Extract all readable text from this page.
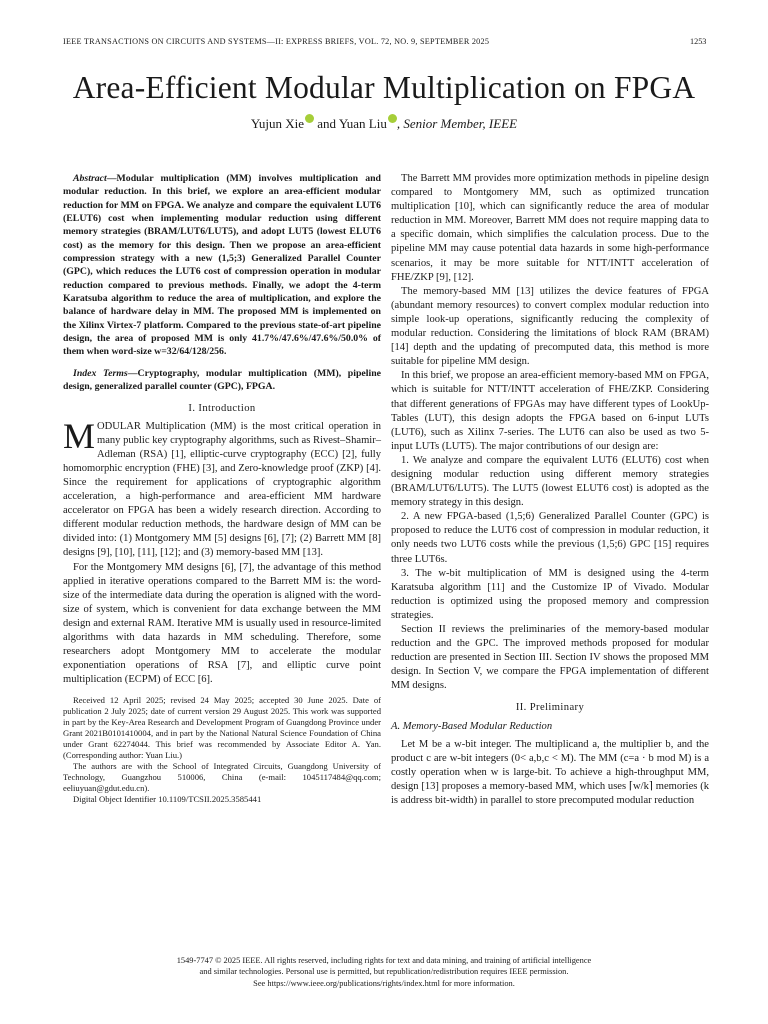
IEEE TRANSACTIONS ON CIRCUITS AND SYSTEMS—II: EXPRESS BRIEFS, VOL. 72, NO. 9, SEPTEMBER 2025	1253
Area-Efficient Modular Multiplication on FPGA
Yujun Xie and Yuan Liu , Senior Member, IEEE

Abstract—Modular multiplication (MM) involves multiplication and modular reduction. In this brief, we explore an area-efficient modular reduction for MM on FPGA. We analyze and compare the equivalent LUT6 (ELUT6) cost when implementing modular reduction using different memory strategies (BRAM/LUT6/LUT5), and adopt LUT5 (lowest ELUT6 cost) as the memory for this design. Then we propose an area-efficient compression strategy with a new (1,5;3) Generalized Parallel Counter (GPC), which reduces the LUT6 cost of compression operation in modular reduction compared to previous methods. Finally, we adopt the 4-term Karatsuba algorithm to reduce the area of multiplication, and explore the balance of hardware delay in MM. The proposed MM is implemented on the Xilinx Virtex-7 platform. Compared to the previous state-of-art pipeline design, the area of proposed MM is only 41.7%/47.6%/47.6%/50.0% of them when word-size w=32/64/128/256.

Index Terms—Cryptography, modular multiplication (MM), pipeline design, generalized parallel counter (GPC), FPGA.

I. Introduction

MODULAR Multiplication (MM) is the most critical operation in many public key cryptography algorithms, such as Rivest–Shamir–Adleman (RSA) [1], elliptic-curve cryptography (ECC) [2], fully homomorphic encryption (FHE) [3], and Zero-knowledge proof (ZKP) [4]. Since the requirement for applications of cryptographic algorithm acceleration, a high-performance and area-efficient MM hardware accelerator on FPGA has been a widely research direction. According to different modular reduction methods, the hardware design of MM can be divided into: (1) Montgomery MM [5] designs [6], [7]; (2) Barrett MM [8] designs [9], [10], [11], [12]; and (3) memory-based MM [13].

For the Montgomery MM designs [6], [7], the advantage of this method applied in iterative operations compared to the Barrett MM is: the word-size of the intermediate data during the operation is aligned with the word-size of system, which is convenient for data exchange between the MM design and external RAM. Iterative MM is usually used in resource-limited algorithms with data hazards in MM scheduling. Therefore, some researchers adopt Montgomery MM to accelerate the modular exponentiation operations of RSA [7], and elliptic curve point multiplication (ECPM) of ECC [6].

Received 12 April 2025; revised 24 May 2025; accepted 30 June 2025. Date of publication 2 July 2025; date of current version 29 August 2025. This work was supported in part by the Key-Area Research and Development Program of Guangdong Province under Grant 2021B0101410004, and in part by the National Natural Science Foundation of China under Grant 62274044. This brief was recommended by Associate Editor A. Yan. (Corresponding author: Yuan Liu.)

The authors are with the School of Integrated Circuits, Guangdong University of Technology, Guangzhou 510006, China (e-mail: 1045117484@qq.com; eeliuyuan@gdut.edu.cn).

Digital Object Identifier 10.1109/TCSII.2025.3585441

The Barrett MM provides more optimization methods in pipeline design compared to Montgomery MM, such as optimized truncation multiplication [10], which can significantly reduce the area of modular reduction in MM. Moreover, Barrett MM does not require mapping data to a specific domain, which simplifies the calculation process. Due to the pipeline MM may cause potential data hazards in some high-performance scenarios, it may be more suitable for NTT/INTT acceleration of FHE/ZKP [9], [12].

The memory-based MM [13] utilizes the device features of FPGA (abundant memory resources) to convert complex modular reduction into simple look-up operations, significantly reducing the complexity of modular reduction. Considering the limitations of block RAM (BRAM) [14] depth and the updating of precomputed data, this method is more suitable for pipeline MM design.

In this brief, we propose an area-efficient memory-based MM on FPGA, which is suitable for NTT/INTT acceleration of FHE/ZKP. Considering that different generations of FPGAs may have different types of LookUp-Tables (LUT), this design adopts the FPGA based on 6-input LUTs (LUT6), such as Xilinx 7-series. The LUT6 can also be used as two 5-input LUTs (LUT5). The major contributions of our design are:

1. We analyze and compare the equivalent LUT6 (ELUT6) cost when designing modular reduction using different memory strategies (BRAM/LUT6/LUT5). The LUT5 (lowest ELUT6 cost) is adopted as the memory strategy in this design.

2. A new FPGA-based (1,5;6) Generalized Parallel Counter (GPC) is proposed to reduce the LUT6 cost of compression in modular reduction, it only needs two LUT6 costs while the previous (1,5;6) GPC [15] requires three LUT6s.

3. The w-bit multiplication of MM is designed using the 4-term Karatsuba algorithm [11] and the Customize IP of Vivado. Modular reduction is optimized using the proposed memory and compression strategies.

Section II reviews the preliminaries of the memory-based modular reduction and the GPC. The improved methods proposed for modular reduction are presented in Section III. Section IV shows the proposed MM design. In Section V, we compare the FPGA implementation of different MM designs.

II. Preliminary

A. Memory-Based Modular Reduction

Let M be a w-bit integer. The multiplicand a, the multiplier b, and the product c are w-bit integers (0< a,b,c < M). The MM (c=a · b mod M) is a costly operation when w is large-bit. To achieve a high-throughput MM, design [13] proposes a memory-based MM, which uses ⌈w/k⌉ memories (k is address bit-width) in parallel to store precomputed modular reduction

1549-7747 © 2025 IEEE. All rights reserved, including rights for text and data mining, and training of artificial intelligence
and similar technologies. Personal use is permitted, but republication/redistribution requires IEEE permission.
See https://www.ieee.org/publications/rights/index.html for more information.
